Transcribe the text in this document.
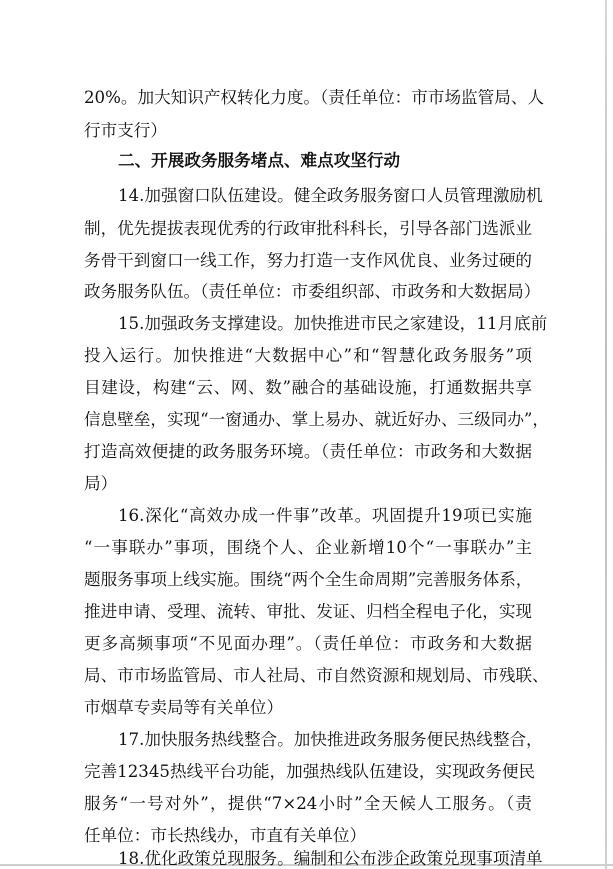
20%。加大知识产权转化力度。（责任单位：市市场监管局、人
行市支行）
二、开展政务服务堵点、难点攻坚行动
14.加强窗口队伍建设。健全政务服务窗口人员管理激励机
制，优先提拔表现优秀的行政审批科科长，引导各部门选派业
务骨干到窗口一线工作，努力打造一支作风优良、业务过硬的
政务服务队伍。（责任单位：市委组织部、市政务和大数据局）
15.加强政务支撑建设。加快推进市民之家建设，11月底前
投入运行。加快推进“大数据中心”和“智慧化政务服务”项
目建设，构建“云、网、数”融合的基础设施，打通数据共享
信息壁垒，实现“一窗通办、掌上易办、就近好办、三级同办”，
打造高效便捷的政务服务环境。（责任单位：市政务和大数据
局）
16.深化“高效办成一件事”改革。巩固提升19项已实施
“一事联办”事项，围绕个人、企业新增10个“一事联办”主
题服务事项上线实施。围绕“两个全生命周期”完善服务体系，
推进申请、受理、流转、审批、发证、归档全程电子化，实现
更多高频事项“不见面办理”。（责任单位：市政务和大数据
局、市市场监管局、市人社局、市自然资源和规划局、市残联、
市烟草专卖局等有关单位）
17.加快服务热线整合。加快推进政务服务便民热线整合，
完善12345热线平台功能，加强热线队伍建设，实现政务便民
服务“一号对外”，提供“7×24小时”全天候人工服务。（责
任单位：市长热线办，市直有关单位）
18.优化政策兑现服务。编制和公布涉企政策兑现事项清单
